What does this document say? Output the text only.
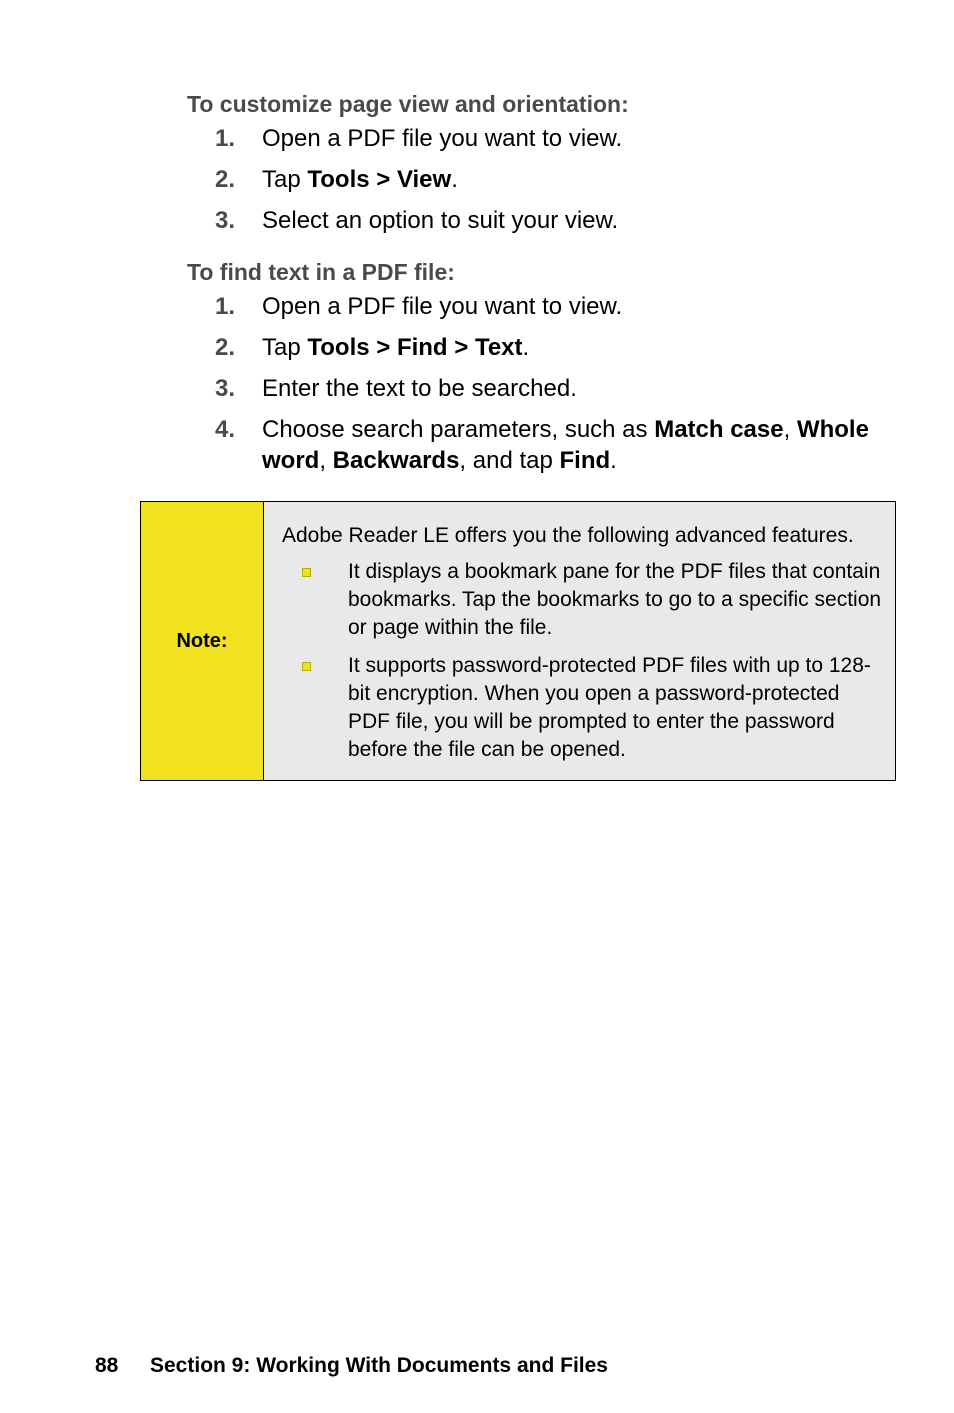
To customize page view and orientation:
1. Open a PDF file you want to view.
2. Tap Tools > View.
3. Select an option to suit your view.
To find text in a PDF file:
1. Open a PDF file you want to view.
2. Tap Tools > Find > Text.
3. Enter the text to be searched.
4. Choose search parameters, such as Match case, Whole word, Backwards, and tap Find.
Note:

Adobe Reader LE offers you the following advanced features.

It displays a bookmark pane for the PDF files that contain bookmarks. Tap the bookmarks to go to a specific section or page within the file.
It supports password-protected PDF files with up to 128-bit encryption. When you open a password-protected PDF file, you will be prompted to enter the password before the file can be opened.
88 Section 9: Working With Documents and Files
